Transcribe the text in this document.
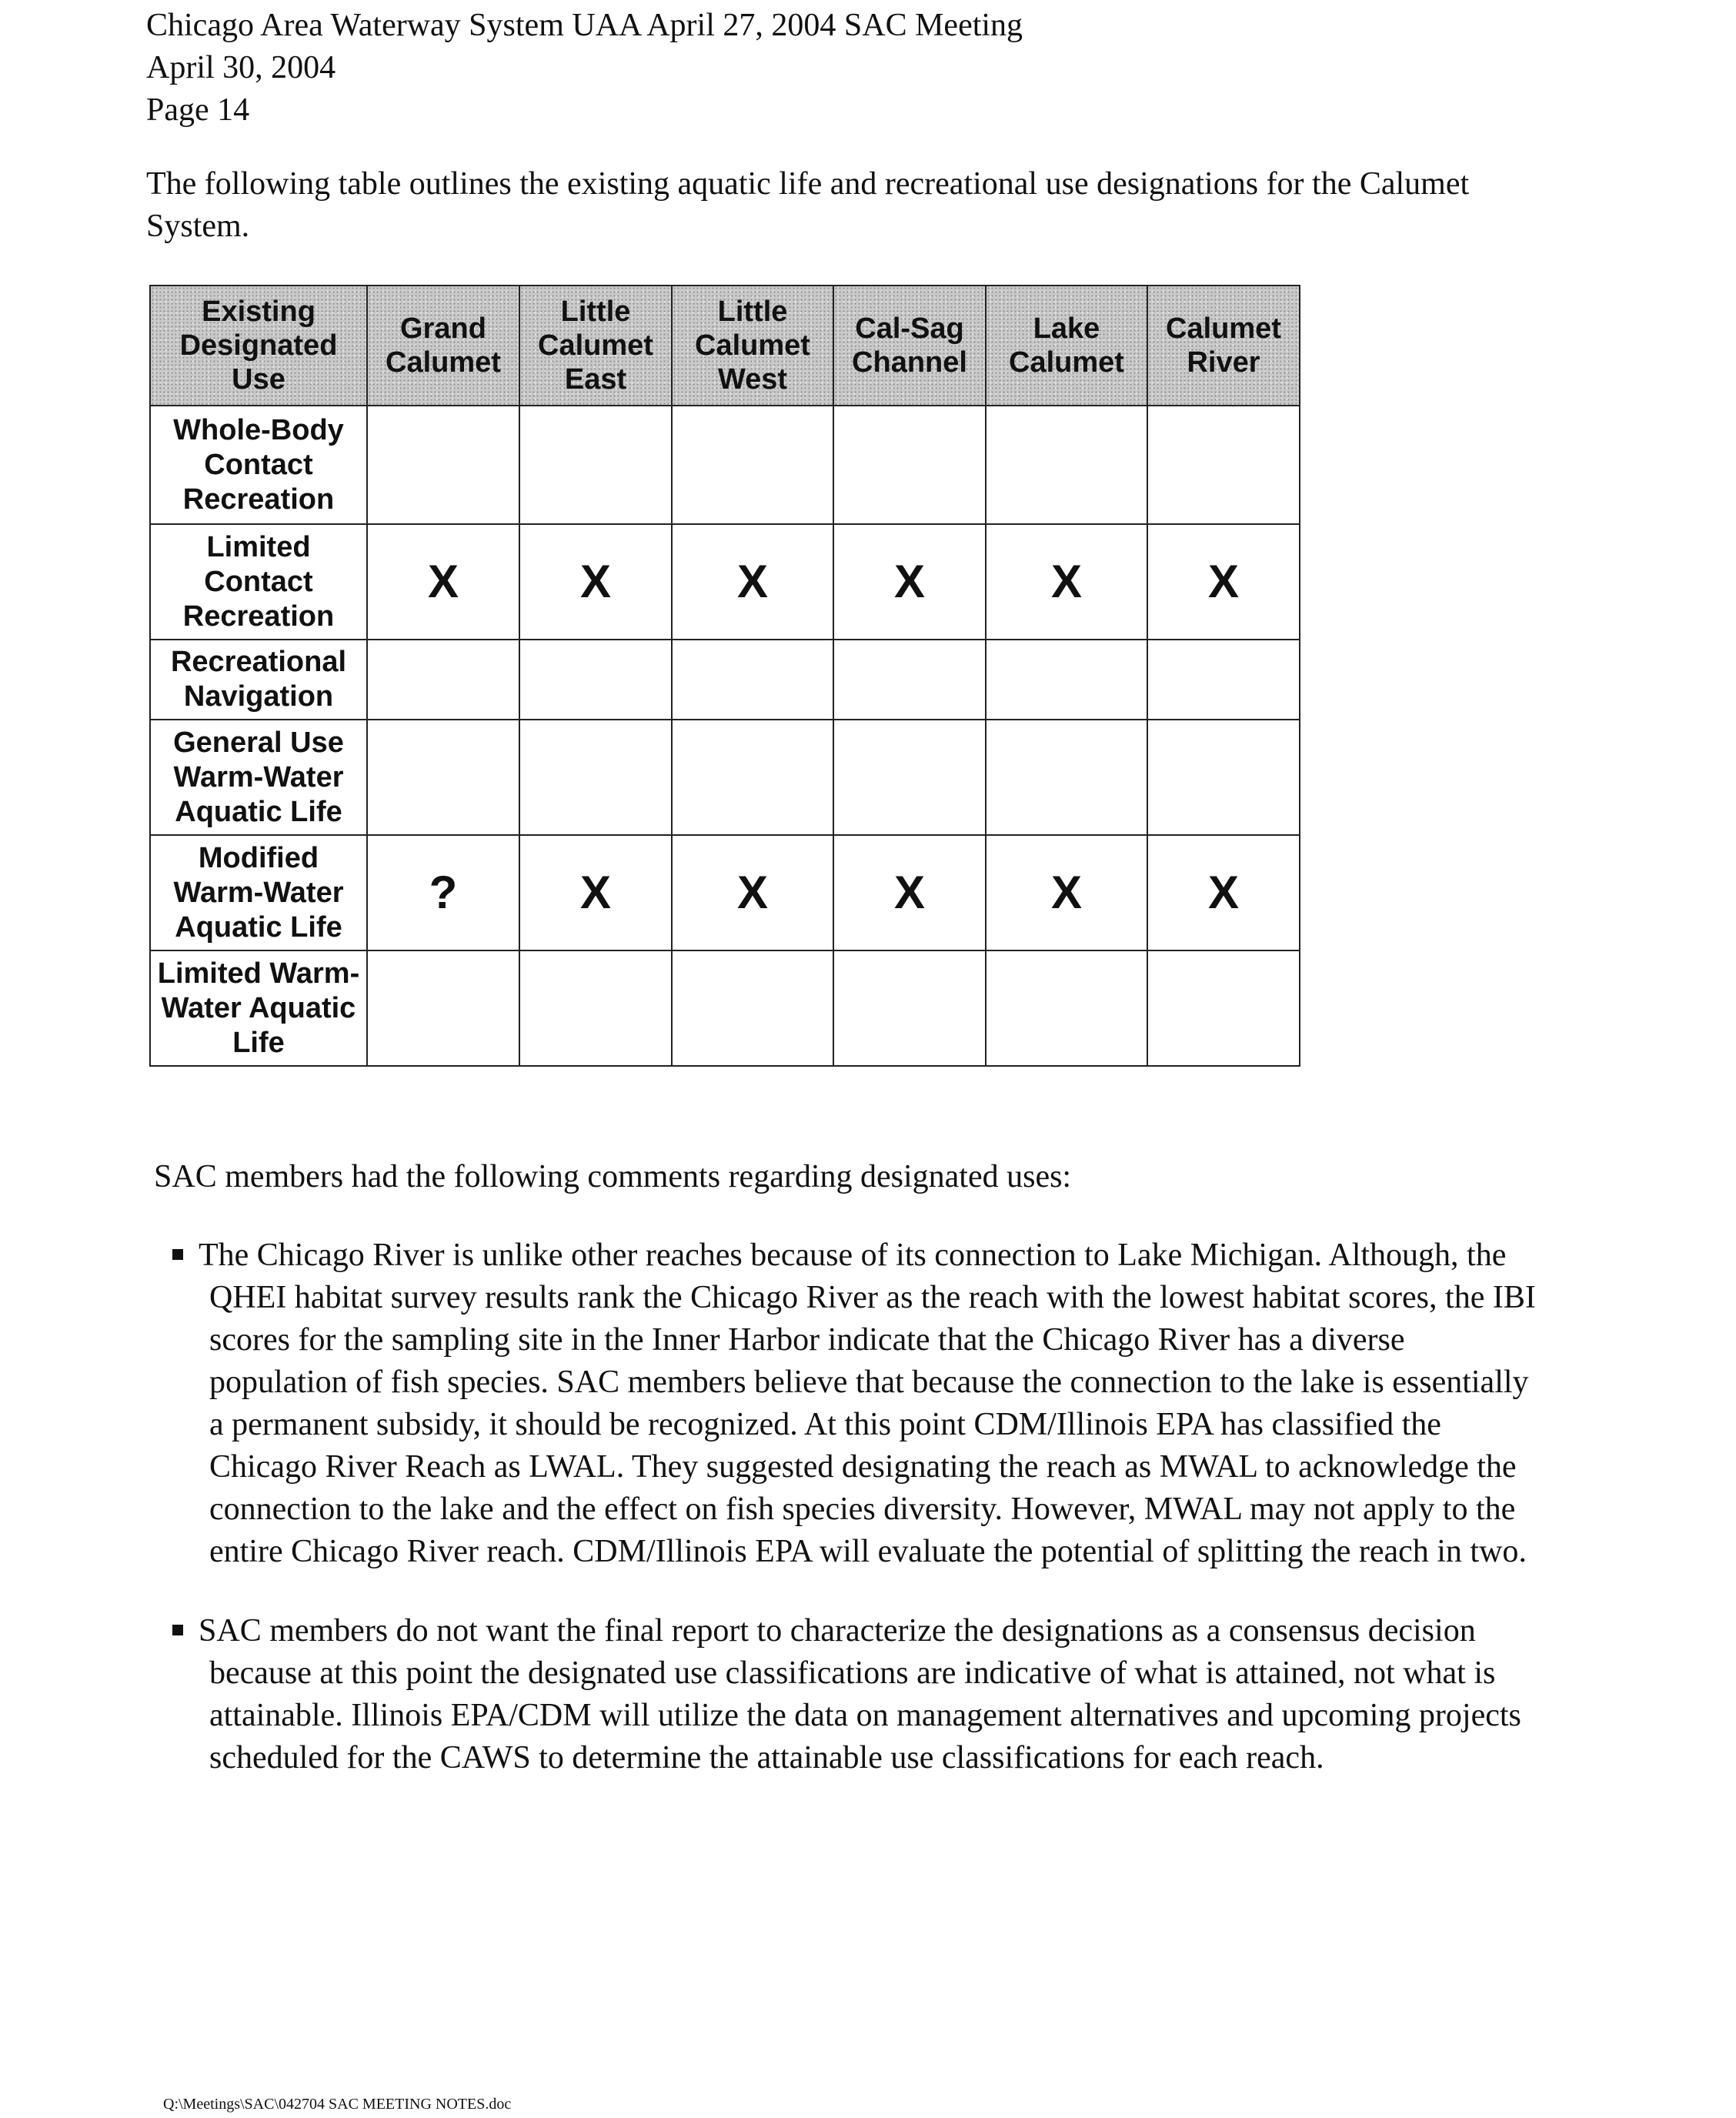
Chicago Area Waterway System UAA April 27, 2004 SAC Meeting
April 30, 2004
Page 14
The following table outlines the existing aquatic life and recreational use designations for the Calumet System.
Existing Designated Use	Grand Calumet	Little Calumet East	Little Calumet West	Cal-Sag Channel	Lake Calumet	Calumet River
Whole-Body Contact Recreation						
Limited Contact Recreation	X	X	X	X	X	X
Recreational Navigation						
General Use Warm-Water Aquatic Life						
Modified Warm-Water Aquatic Life	?	X	X	X	X	X
Limited Warm-Water Aquatic Life						
SAC members had the following comments regarding designated uses:
The Chicago River is unlike other reaches because of its connection to Lake Michigan. Although, the QHEI habitat survey results rank the Chicago River as the reach with the lowest habitat scores, the IBI scores for the sampling site in the Inner Harbor indicate that the Chicago River has a diverse population of fish species. SAC members believe that because the connection to the lake is essentially a permanent subsidy, it should be recognized. At this point CDM/Illinois EPA has classified the Chicago River Reach as LWAL. They suggested designating the reach as MWAL to acknowledge the connection to the lake and the effect on fish species diversity. However, MWAL may not apply to the entire Chicago River reach. CDM/Illinois EPA will evaluate the potential of splitting the reach in two.
SAC members do not want the final report to characterize the designations as a consensus decision because at this point the designated use classifications are indicative of what is attained, not what is attainable. Illinois EPA/CDM will utilize the data on management alternatives and upcoming projects scheduled for the CAWS to determine the attainable use classifications for each reach.
Q:\Meetings\SAC\042704 SAC MEETING NOTES.doc
